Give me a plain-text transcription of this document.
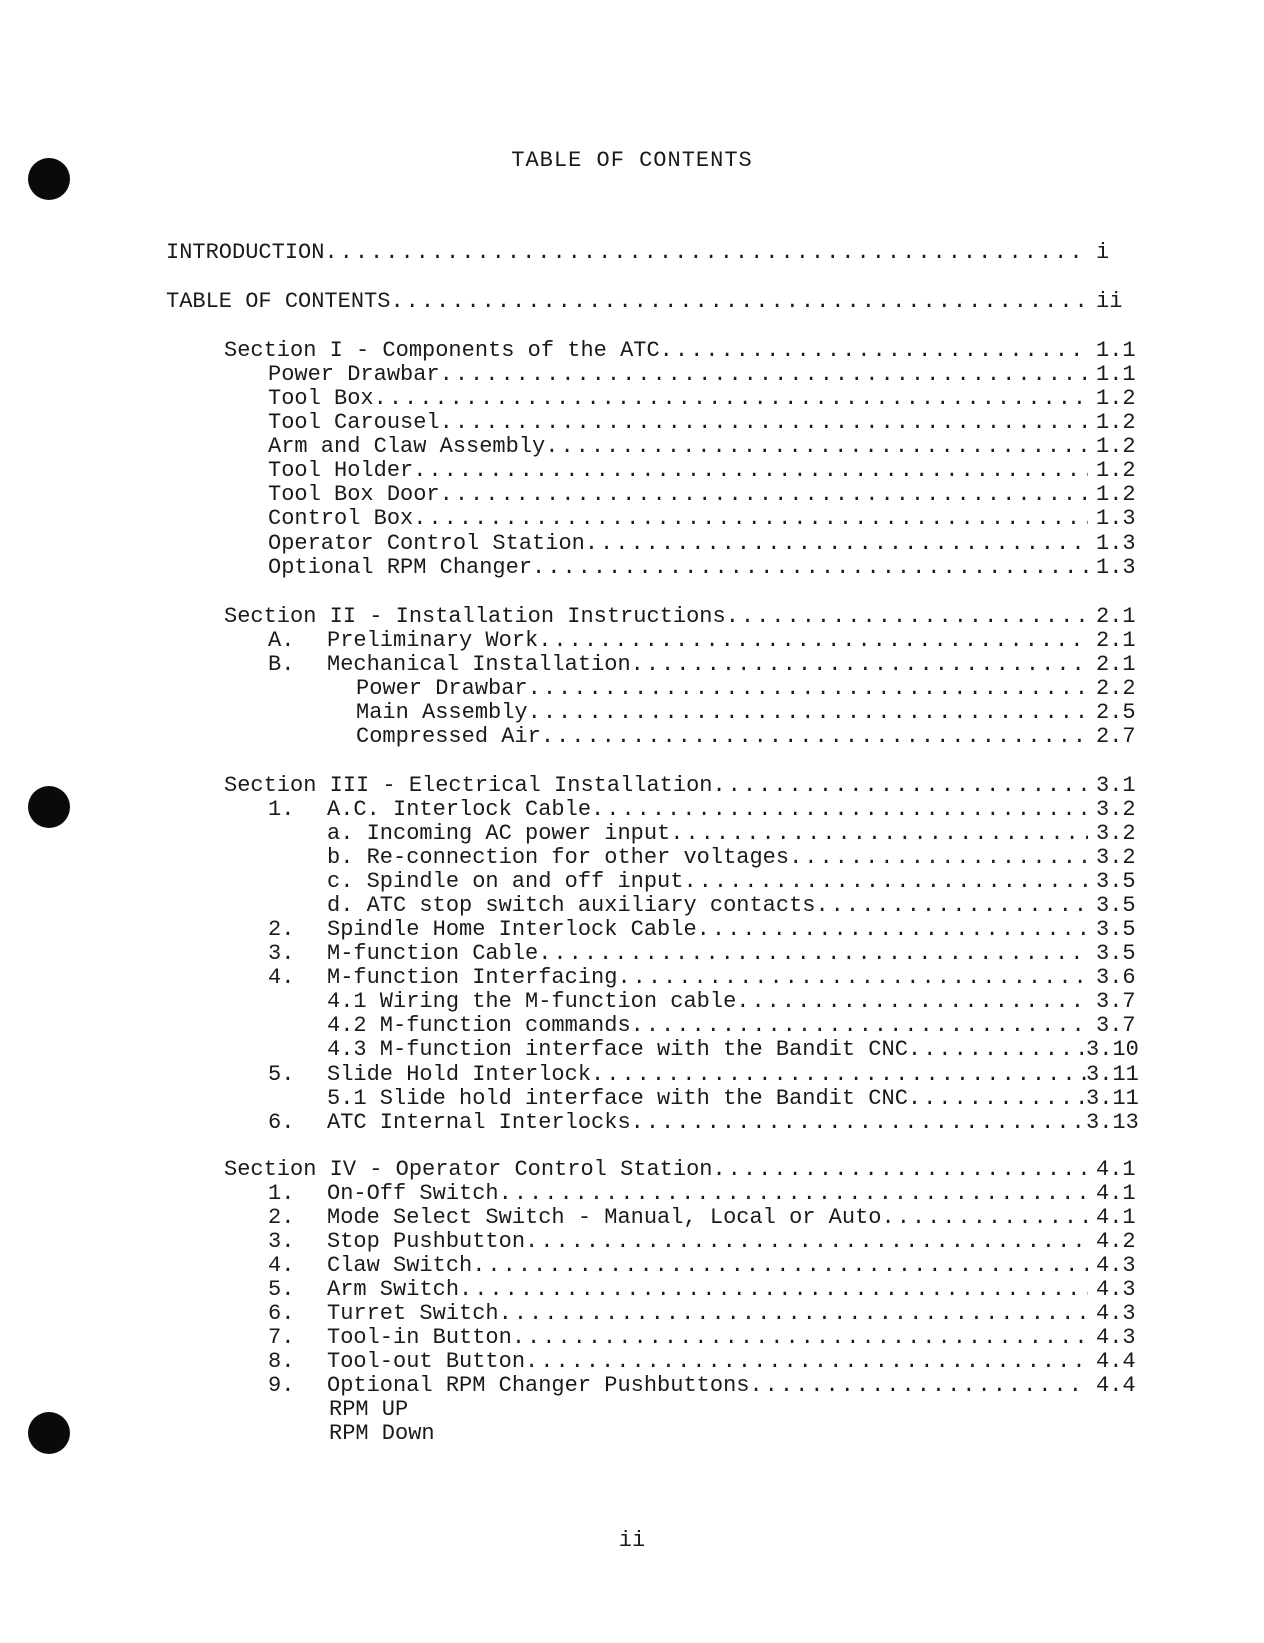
TABLE OF CONTENTS
INTRODUCTION .....	i
TABLE OF CONTENTS .....	ii
Section I - Components of the ATC .....	1.1
Power Drawbar .....	1.1
Tool Box .....	1.2
Tool Carousel .....	1.2
Arm and Claw Assembly .....	1.2
Tool Holder .....	1.2
Tool Box Door .....	1.2
Control Box .....	1.3
Operator Control Station .....	1.3
Optional RPM Changer .....	1.3
Section II - Installation Instructions .....	2.1
A. Preliminary Work .....	2.1
B. Mechanical Installation .....	2.1
Power Drawbar .....	2.2
Main Assembly .....	2.5
Compressed Air .....	2.7
Section III - Electrical Installation .....	3.1
1. A.C. Interlock Cable .....	3.2
a. Incoming AC power input .....	3.2
b. Re-connection for other voltages .....	3.2
c. Spindle on and off input .....	3.5
d. ATC stop switch auxiliary contacts .....	3.5
2. Spindle Home Interlock Cable .....	3.5
3. M-function Cable .....	3.5
4. M-function Interfacing .....	3.6
4.1 Wiring the M-function cable .....	3.7
4.2 M-function commands .....	3.7
4.3 M-function interface with the Bandit CNC .....	3.10
5. Slide Hold Interlock .....	3.11
5.1 Slide hold interface with the Bandit CNC .....	3.11
6. ATC Internal Interlocks .....	3.13
Section IV - Operator Control Station .....	4.1
1. On-Off Switch .....	4.1
2. Mode Select Switch - Manual, Local or Auto .....	4.1
3. Stop Pushbutton .....	4.2
4. Claw Switch .....	4.3
5. Arm Switch .....	4.3
6. Turret Switch .....	4.3
7. Tool-in Button .....	4.3
8. Tool-out Button .....	4.4
9. Optional RPM Changer Pushbuttons .....	4.4
RPM UP
RPM Down
ii
